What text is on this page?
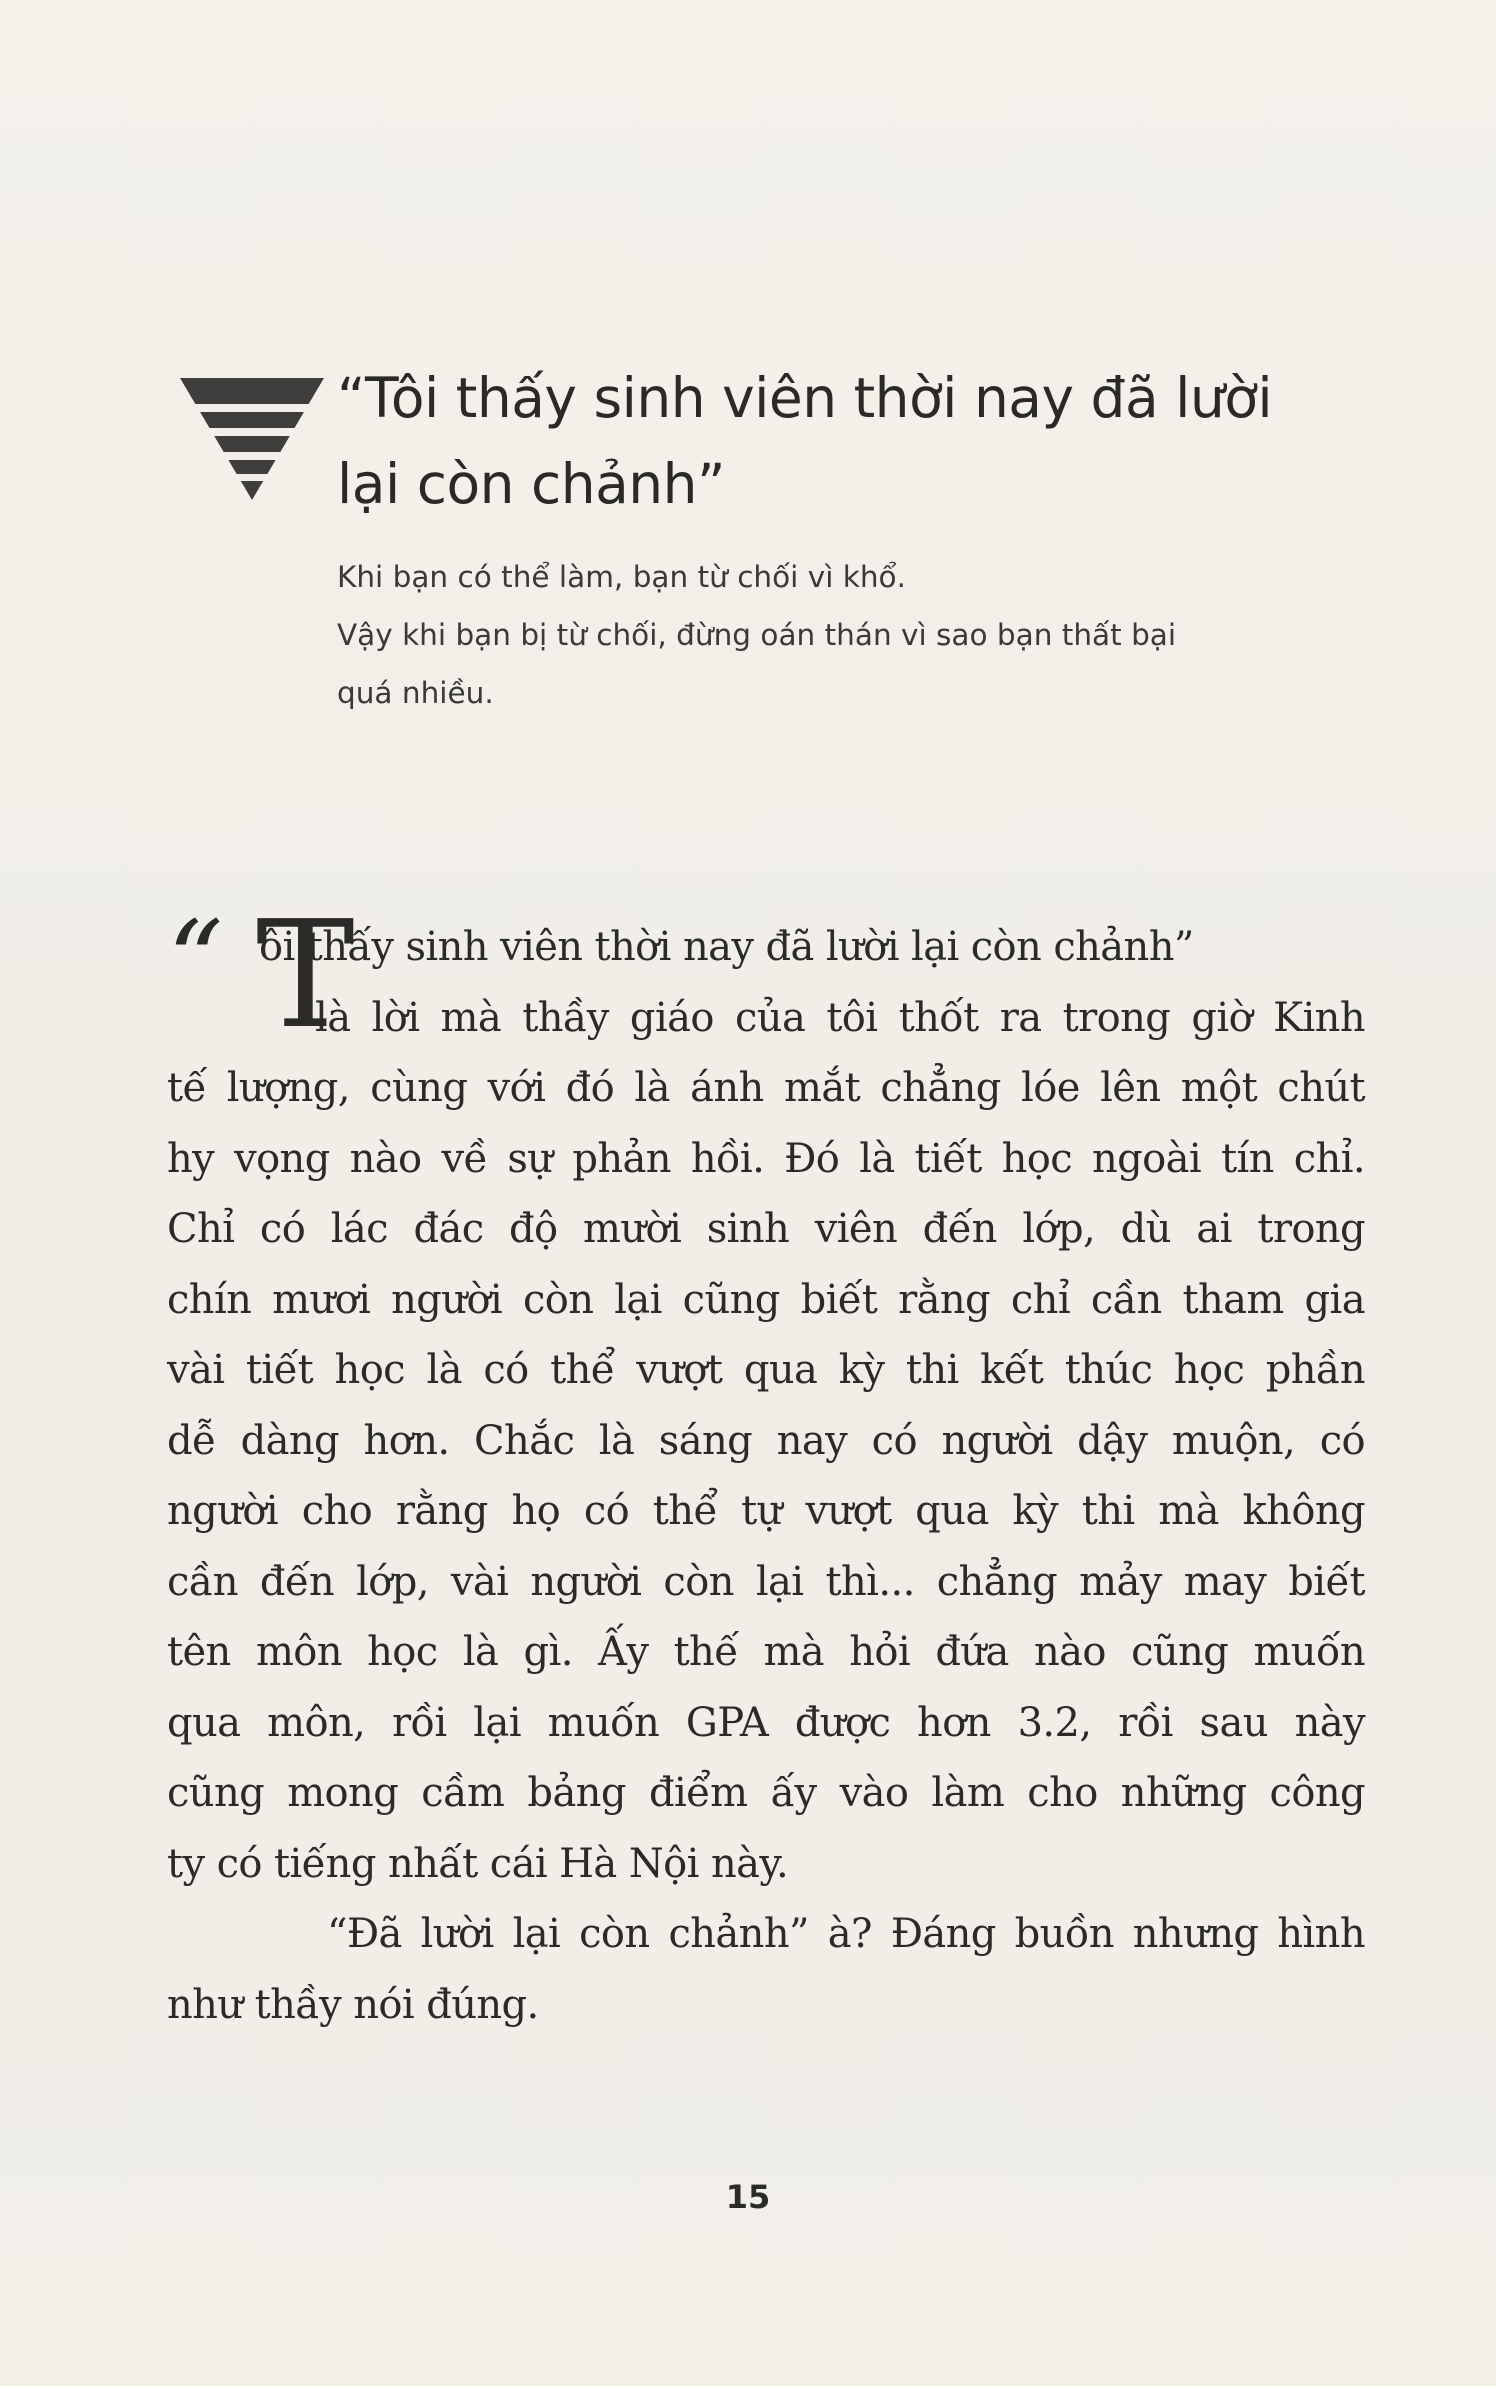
“Tôi thấy sinh viên thời nay đã lười
lại còn chảnh”
Khi bạn có thể làm, bạn từ chối vì khổ.
Vậy khi bạn bị từ chối, đừng oán thán vì sao bạn thất bại
quá nhiều.
“ T
ôi thấy sinh viên thời nay đã lười lại còn chảnh”
là lời mà thầy giáo của tôi thốt ra trong giờ Kinh
tế lượng, cùng với đó là ánh mắt chẳng lóe lên một chút
hy vọng nào về sự phản hồi. Đó là tiết học ngoài tín chỉ.
Chỉ có lác đác độ mười sinh viên đến lớp, dù ai trong
chín mươi người còn lại cũng biết rằng chỉ cần tham gia
vài tiết học là có thể vượt qua kỳ thi kết thúc học phần
dễ dàng hơn. Chắc là sáng nay có người dậy muộn, có
người cho rằng họ có thể tự vượt qua kỳ thi mà không
cần đến lớp, vài người còn lại thì... chẳng mảy may biết
tên môn học là gì. Ấy thế mà hỏi đứa nào cũng muốn
qua môn, rồi lại muốn GPA được hơn 3.2, rồi sau này
cũng mong cầm bảng điểm ấy vào làm cho những công
ty có tiếng nhất cái Hà Nội này.
“Đã lười lại còn chảnh” à? Đáng buồn nhưng hình
như thầy nói đúng.
15
